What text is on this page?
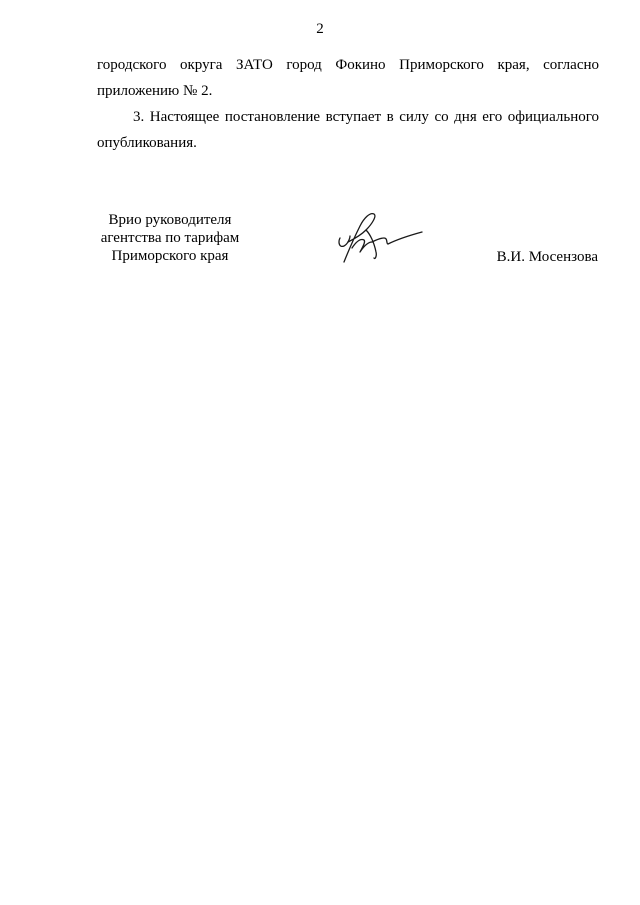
2
городского округа ЗАТО город Фокино Приморского края, согласно
приложению № 2.
3. Настоящее постановление вступает в силу со дня его официального
опубликования.
Врио руководителя
агентства по тарифам
Приморского края	В.И. Мосензова
